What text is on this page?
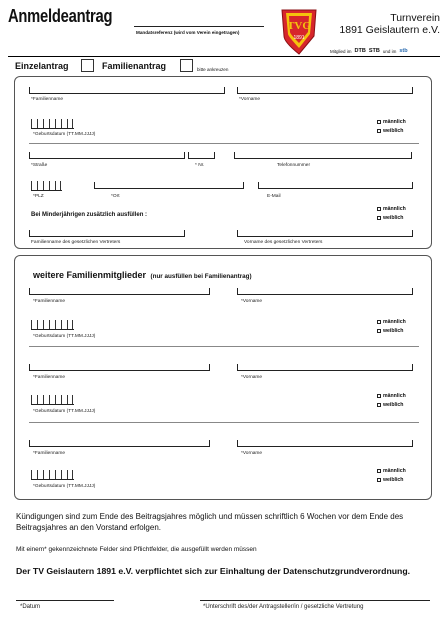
Anmeldeantrag
Mandatsreferenz (wird vom Verein eingetragen)
TVG
1891
Turnverein
1891 Geislautern e.V.
Mitglied im DTB STB und im stb
Einzelantrag	Familienantrag	bitte ankreuzen
*Familienname	*Vorname
*Geburtsdatum (TT.MM.JJJJ)
männlich
weiblich
*Straße	* Nr.	Telefonnummer
*PLZ	*Ort	E-Mail
männlich
weiblich
Bei Minderjährigen zusätzlich ausfüllen :
Familienname des gesetzlichen Vertreters	Vorname des gesetzlichen Vertreters
weitere Familienmitglieder (nur ausfüllen bei Familienantrag)
*Familienname	*Vorname
*Geburtsdatum (TT.MM.JJJJ)
männlich
weiblich
*Familienname	*Vorname
*Geburtsdatum (TT.MM.JJJJ)
männlich
weiblich
*Familienname	*Vorname
*Geburtsdatum (TT.MM.JJJJ)
männlich
weiblich
Kündigungen sind zum Ende des Beitragsjahres möglich und müssen schriftlich 6 Wochen vor dem Ende des Beitragsjahres an den Vorstand erfolgen.
Mit einem* gekennzeichnete Felder sind Pflichtfelder, die ausgefüllt werden müssen
Der TV Geislautern 1891 e.V. verpflichtet sich zur Einhaltung der Datenschutzgrundverordnung.
*Datum	*Unterschrift des/der Antragsteller/in / gesetzliche Vertretung
